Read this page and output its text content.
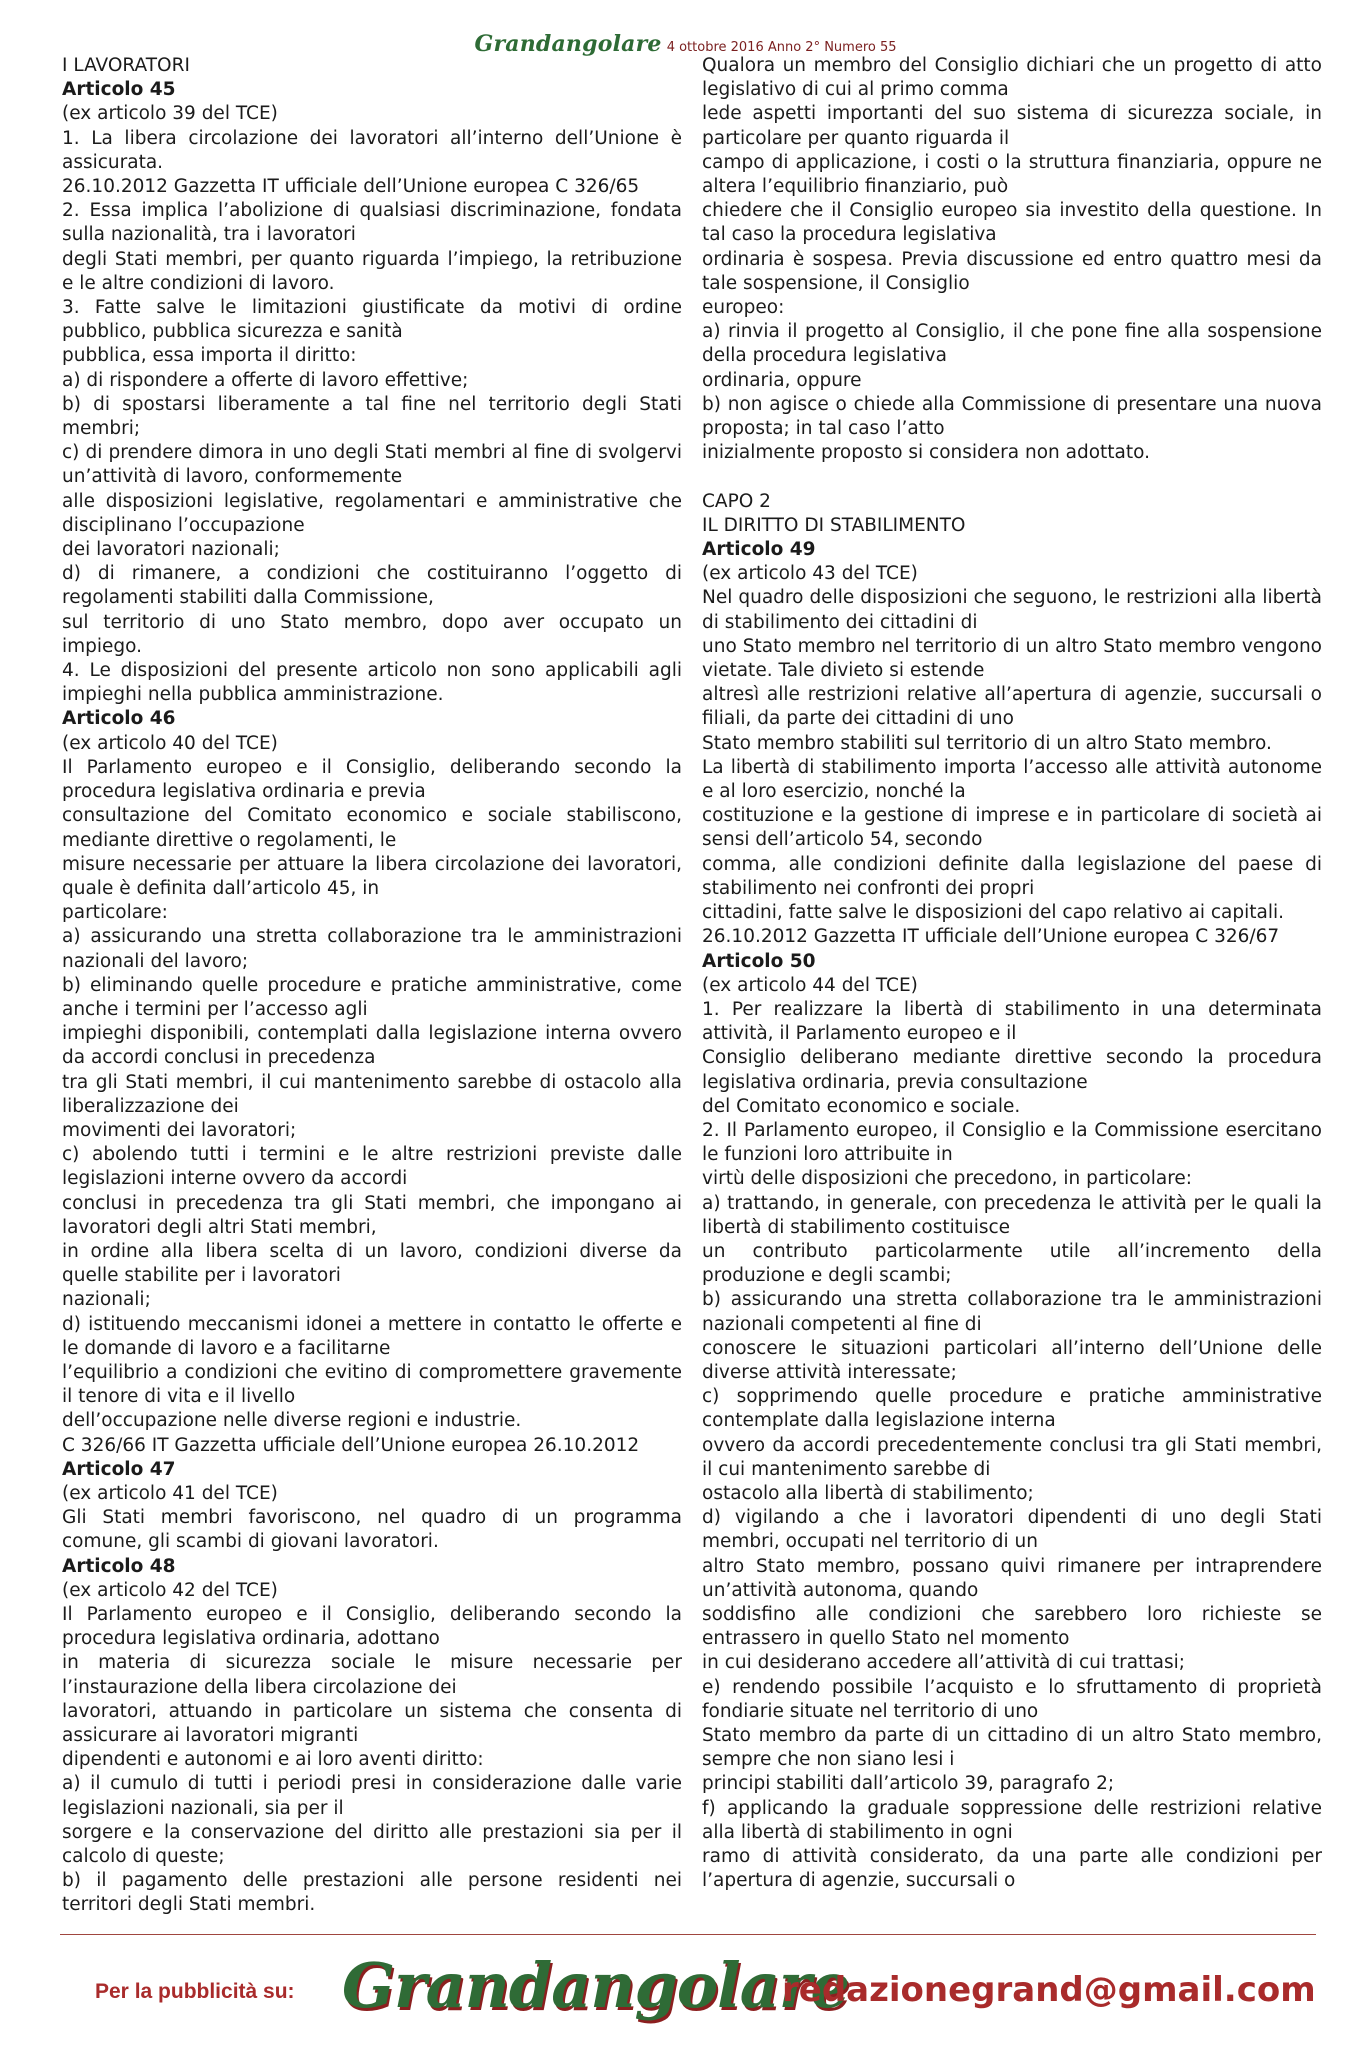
Grandangolare 4 ottobre 2016 Anno 2° Numero 55

I LAVORATORI

Articolo 45

(ex articolo 39 del TCE)

1. La libera circolazione dei lavoratori all’interno dell’Unione è assicurata.

26.10.2012 Gazzetta IT ufficiale dell’Unione europea C 326/65

2. Essa implica l’abolizione di qualsiasi discriminazione, fondata sulla nazionalità, tra i lavoratori

degli Stati membri, per quanto riguarda l’impiego, la retribuzione e le altre condizioni di lavoro.

3. Fatte salve le limitazioni giustificate da motivi di ordine pubblico, pubblica sicurezza e sanità

pubblica, essa importa il diritto:

a) di rispondere a offerte di lavoro effettive;

b) di spostarsi liberamente a tal fine nel territorio degli Stati membri;

c) di prendere dimora in uno degli Stati membri al fine di svolgervi un’attività di lavoro, conformemente

alle disposizioni legislative, regolamentari e amministrative che disciplinano l’occupazione

dei lavoratori nazionali;

d) di rimanere, a condizioni che costituiranno l’oggetto di regolamenti stabiliti dalla Commissione,

sul territorio di uno Stato membro, dopo aver occupato un impiego.

4. Le disposizioni del presente articolo non sono applicabili agli impieghi nella pubblica amministrazione.

Articolo 46

(ex articolo 40 del TCE)

Il Parlamento europeo e il Consiglio, deliberando secondo la procedura legislativa ordinaria e previa

consultazione del Comitato economico e sociale stabiliscono, mediante direttive o regolamenti, le

misure necessarie per attuare la libera circolazione dei lavoratori, quale è definita dall’articolo 45, in

particolare:

a) assicurando una stretta collaborazione tra le amministrazioni nazionali del lavoro;

b) eliminando quelle procedure e pratiche amministrative, come anche i termini per l’accesso agli

impieghi disponibili, contemplati dalla legislazione interna ovvero da accordi conclusi in precedenza

tra gli Stati membri, il cui mantenimento sarebbe di ostacolo alla liberalizzazione dei

movimenti dei lavoratori;

c) abolendo tutti i termini e le altre restrizioni previste dalle legislazioni interne ovvero da accordi

conclusi in precedenza tra gli Stati membri, che impongano ai lavoratori degli altri Stati membri,

in ordine alla libera scelta di un lavoro, condizioni diverse da quelle stabilite per i lavoratori

nazionali;

d) istituendo meccanismi idonei a mettere in contatto le offerte e le domande di lavoro e a facilitarne

l’equilibrio a condizioni che evitino di compromettere gravemente il tenore di vita e il livello

dell’occupazione nelle diverse regioni e industrie.

C 326/66 IT Gazzetta ufficiale dell’Unione europea 26.10.2012

Articolo 47

(ex articolo 41 del TCE)

Gli Stati membri favoriscono, nel quadro di un programma comune, gli scambi di giovani lavoratori.

Articolo 48

(ex articolo 42 del TCE)

Il Parlamento europeo e il Consiglio, deliberando secondo la procedura legislativa ordinaria, adottano

in materia di sicurezza sociale le misure necessarie per l’instaurazione della libera circolazione dei

lavoratori, attuando in particolare un sistema che consenta di assicurare ai lavoratori migranti

dipendenti e autonomi e ai loro aventi diritto:

a) il cumulo di tutti i periodi presi in considerazione dalle varie legislazioni nazionali, sia per il

sorgere e la conservazione del diritto alle prestazioni sia per il calcolo di queste;

b) il pagamento delle prestazioni alle persone residenti nei territori degli Stati membri.

Qualora un membro del Consiglio dichiari che un progetto di atto legislativo di cui al primo comma

lede aspetti importanti del suo sistema di sicurezza sociale, in particolare per quanto riguarda il

campo di applicazione, i costi o la struttura finanziaria, oppure ne altera l’equilibrio finanziario, può

chiedere che il Consiglio europeo sia investito della questione. In tal caso la procedura legislativa

ordinaria è sospesa. Previa discussione ed entro quattro mesi da tale sospensione, il Consiglio

europeo:

a) rinvia il progetto al Consiglio, il che pone fine alla sospensione della procedura legislativa

ordinaria, oppure

b) non agisce o chiede alla Commissione di presentare una nuova proposta; in tal caso l’atto

inizialmente proposto si considera non adottato.

CAPO 2

IL DIRITTO DI STABILIMENTO

Articolo 49

(ex articolo 43 del TCE)

Nel quadro delle disposizioni che seguono, le restrizioni alla libertà di stabilimento dei cittadini di

uno Stato membro nel territorio di un altro Stato membro vengono vietate. Tale divieto si estende

altresì alle restrizioni relative all’apertura di agenzie, succursali o filiali, da parte dei cittadini di uno

Stato membro stabiliti sul territorio di un altro Stato membro.

La libertà di stabilimento importa l’accesso alle attività autonome e al loro esercizio, nonché la

costituzione e la gestione di imprese e in particolare di società ai sensi dell’articolo 54, secondo

comma, alle condizioni definite dalla legislazione del paese di stabilimento nei confronti dei propri

cittadini, fatte salve le disposizioni del capo relativo ai capitali.

26.10.2012 Gazzetta IT ufficiale dell’Unione europea C 326/67

Articolo 50

(ex articolo 44 del TCE)

1. Per realizzare la libertà di stabilimento in una determinata attività, il Parlamento europeo e il

Consiglio deliberano mediante direttive secondo la procedura legislativa ordinaria, previa consultazione

del Comitato economico e sociale.

2. Il Parlamento europeo, il Consiglio e la Commissione esercitano le funzioni loro attribuite in

virtù delle disposizioni che precedono, in particolare:

a) trattando, in generale, con precedenza le attività per le quali la libertà di stabilimento costituisce

un contributo particolarmente utile all’incremento della produzione e degli scambi;

b) assicurando una stretta collaborazione tra le amministrazioni nazionali competenti al fine di

conoscere le situazioni particolari all’interno dell’Unione delle diverse attività interessate;

c) sopprimendo quelle procedure e pratiche amministrative contemplate dalla legislazione interna

ovvero da accordi precedentemente conclusi tra gli Stati membri, il cui mantenimento sarebbe di

ostacolo alla libertà di stabilimento;

d) vigilando a che i lavoratori dipendenti di uno degli Stati membri, occupati nel territorio di un

altro Stato membro, possano quivi rimanere per intraprendere un’attività autonoma, quando

soddisfino alle condizioni che sarebbero loro richieste se entrassero in quello Stato nel momento

in cui desiderano accedere all’attività di cui trattasi;

e) rendendo possibile l’acquisto e lo sfruttamento di proprietà fondiarie situate nel territorio di uno

Stato membro da parte di un cittadino di un altro Stato membro, sempre che non siano lesi i

principi stabiliti dall’articolo 39, paragrafo 2;

f) applicando la graduale soppressione delle restrizioni relative alla libertà di stabilimento in ogni

ramo di attività considerato, da una parte alle condizioni per l’apertura di agenzie, succursali o

Per la pubblicità su: Grandangolare
redazionegrand@gmail.com
